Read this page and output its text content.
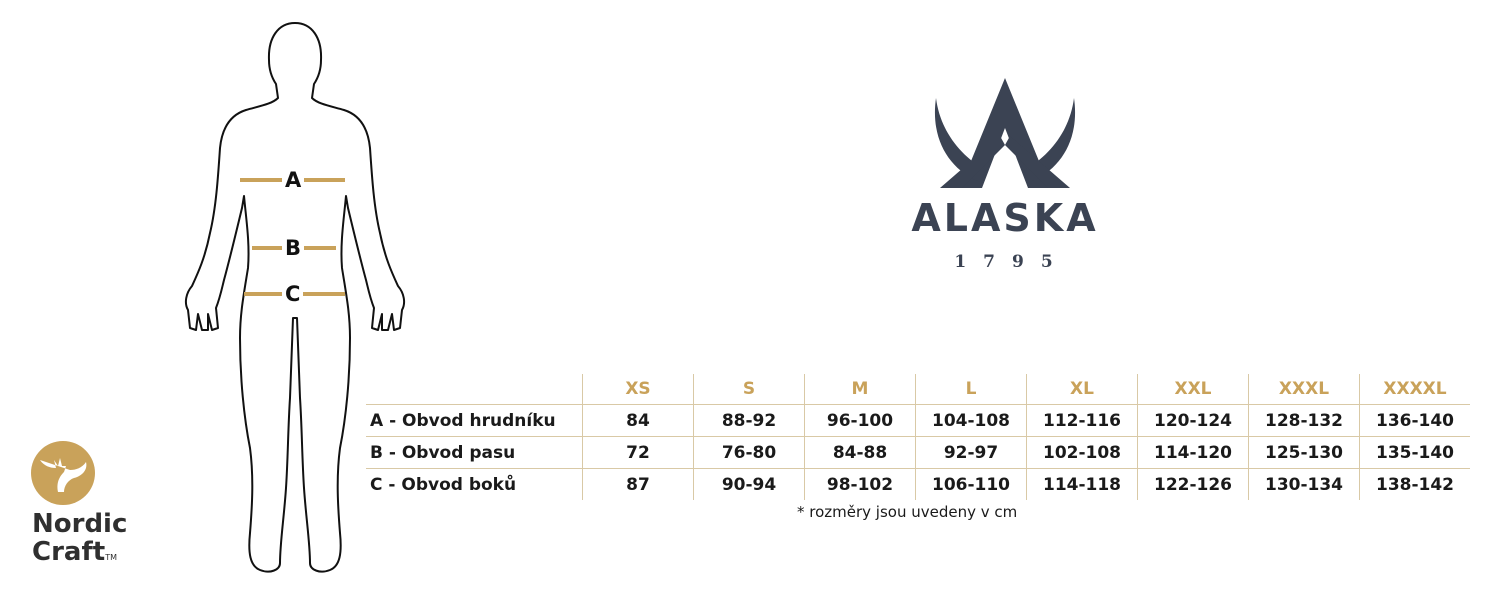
A
B
C
ALASKA
1795
Nordic
CraftTM
	XS	S	M	L	XL	XXL	XXXL	XXXXL
A - Obvod hrudníku	84	88-92	96-100	104-108	112-116	120-124	128-132	136-140
B - Obvod pasu	72	76-80	84-88	92-97	102-108	114-120	125-130	135-140
C - Obvod boků	87	90-94	98-102	106-110	114-118	122-126	130-134	138-142
* rozměry jsou uvedeny v cm
